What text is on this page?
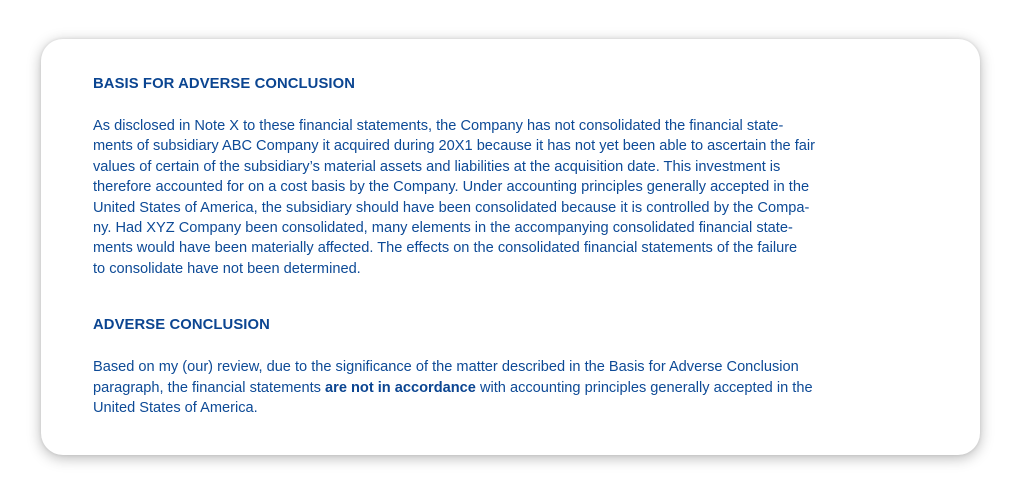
BASIS FOR ADVERSE CONCLUSION

As disclosed in Note X to these financial statements, the Company has not consolidated the financial state-
ments of subsidiary ABC Company it acquired during 20X1 because it has not yet been able to ascertain the fair
values of certain of the subsidiary’s material assets and liabilities at the acquisition date. This investment is
therefore accounted for on a cost basis by the Company. Under accounting principles generally accepted in the
United States of America, the subsidiary should have been consolidated because it is controlled by the Compa-
ny. Had XYZ Company been consolidated, many elements in the accompanying consolidated financial state-
ments would have been materially affected. The effects on the consolidated financial statements of the failure
to consolidate have not been determined.

ADVERSE CONCLUSION

Based on my (our) review, due to the significance of the matter described in the Basis for Adverse Conclusion
paragraph, the financial statements are not in accordance with accounting principles generally accepted in the
United States of America.
